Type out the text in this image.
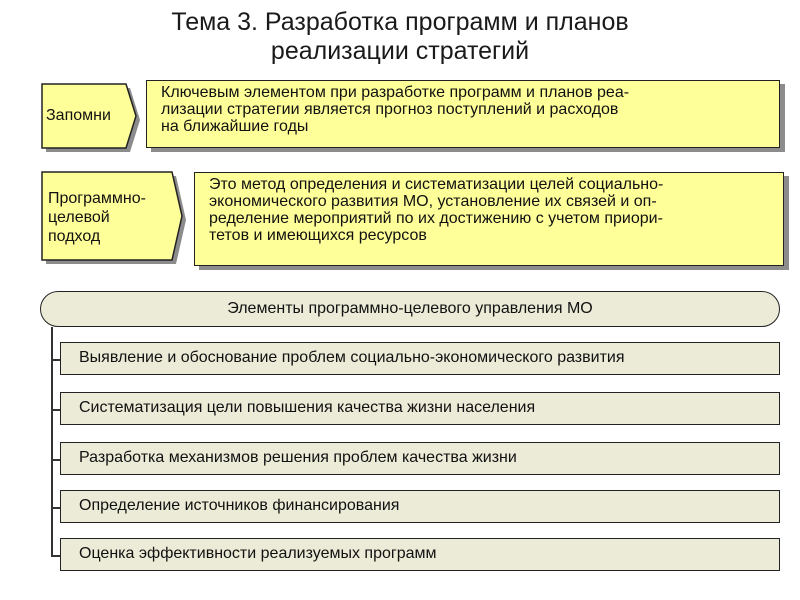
Тема 3. Разработка программ и планов
реализации стратегий
Запомни
Ключевым элементом при разработке программ и планов реа-
лизации стратегии является прогноз поступлений и расходов
на ближайшие годы
Программно-
целевой
подход
Это метод определения и систематизации целей социально-
экономического развития МО, установление их связей и оп-
ределение мероприятий по их достижению с учетом приори-
тетов и имеющихся ресурсов
Элементы программно-целевого управления МО
Выявление и обоснование проблем социально-экономического развития
Систематизация цели повышения качества жизни населения
Разработка механизмов решения проблем качества жизни
Определение источников финансирования
Оценка эффективности реализуемых программ
